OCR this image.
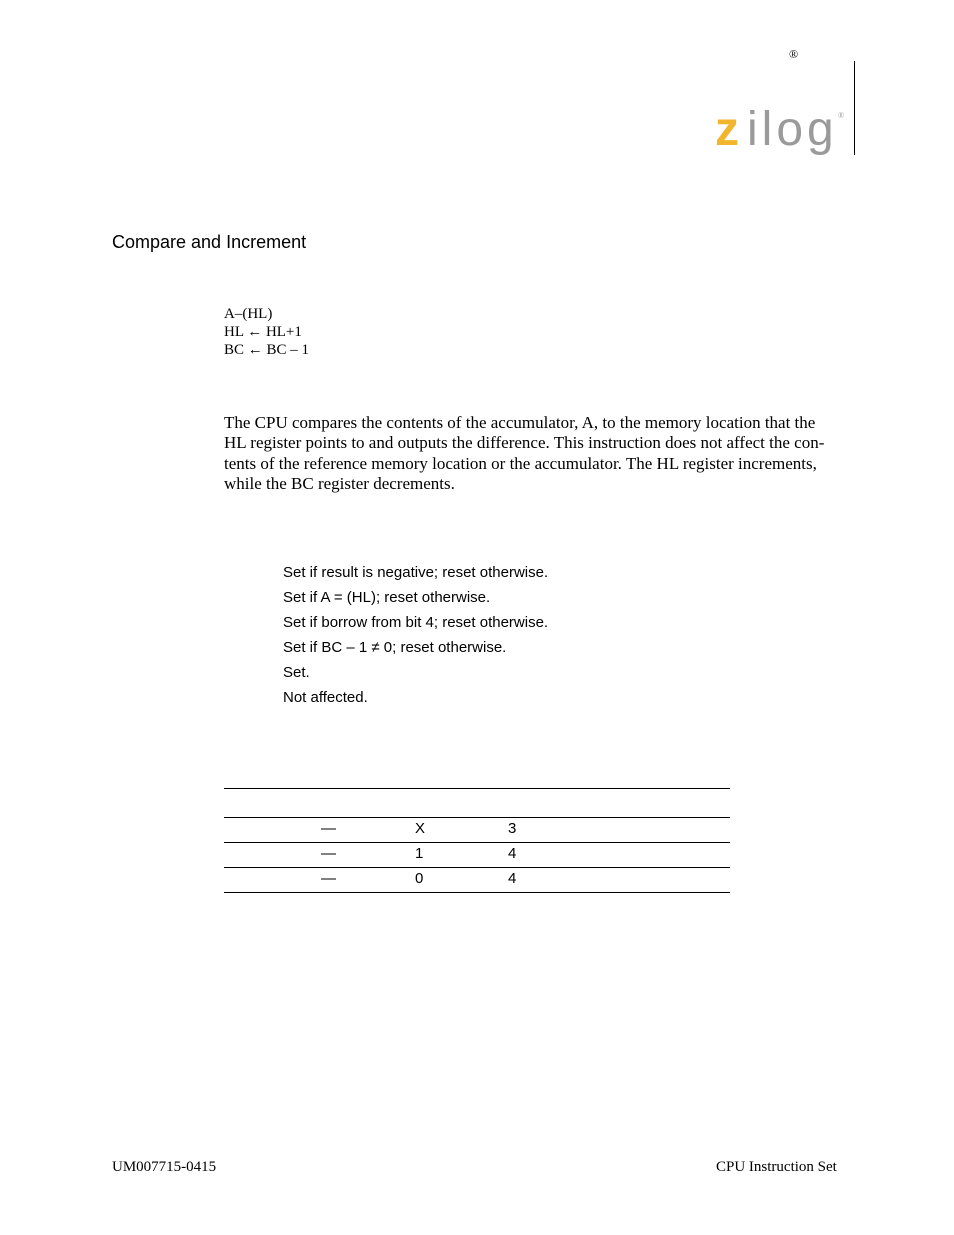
®
z ilog ®
Compare and Increment
A–(HL)
HL ← HL+1
BC ← BC – 1
The CPU compares the contents of the accumulator, A, to the memory location that the
HL register points to and outputs the difference. This instruction does not affect the con-
tents of the reference memory location or the accumulator. The HL register increments,
while the BC register decrements.
Set if result is negative; reset otherwise.
Set if A = (HL); reset otherwise.
Set if borrow from bit 4; reset otherwise.
Set if BC – 1 ≠ 0; reset otherwise.
Set.
Not affected.
—	X	3
—	1	4
—	0	4
UM007715-0415	CPU Instruction Set
